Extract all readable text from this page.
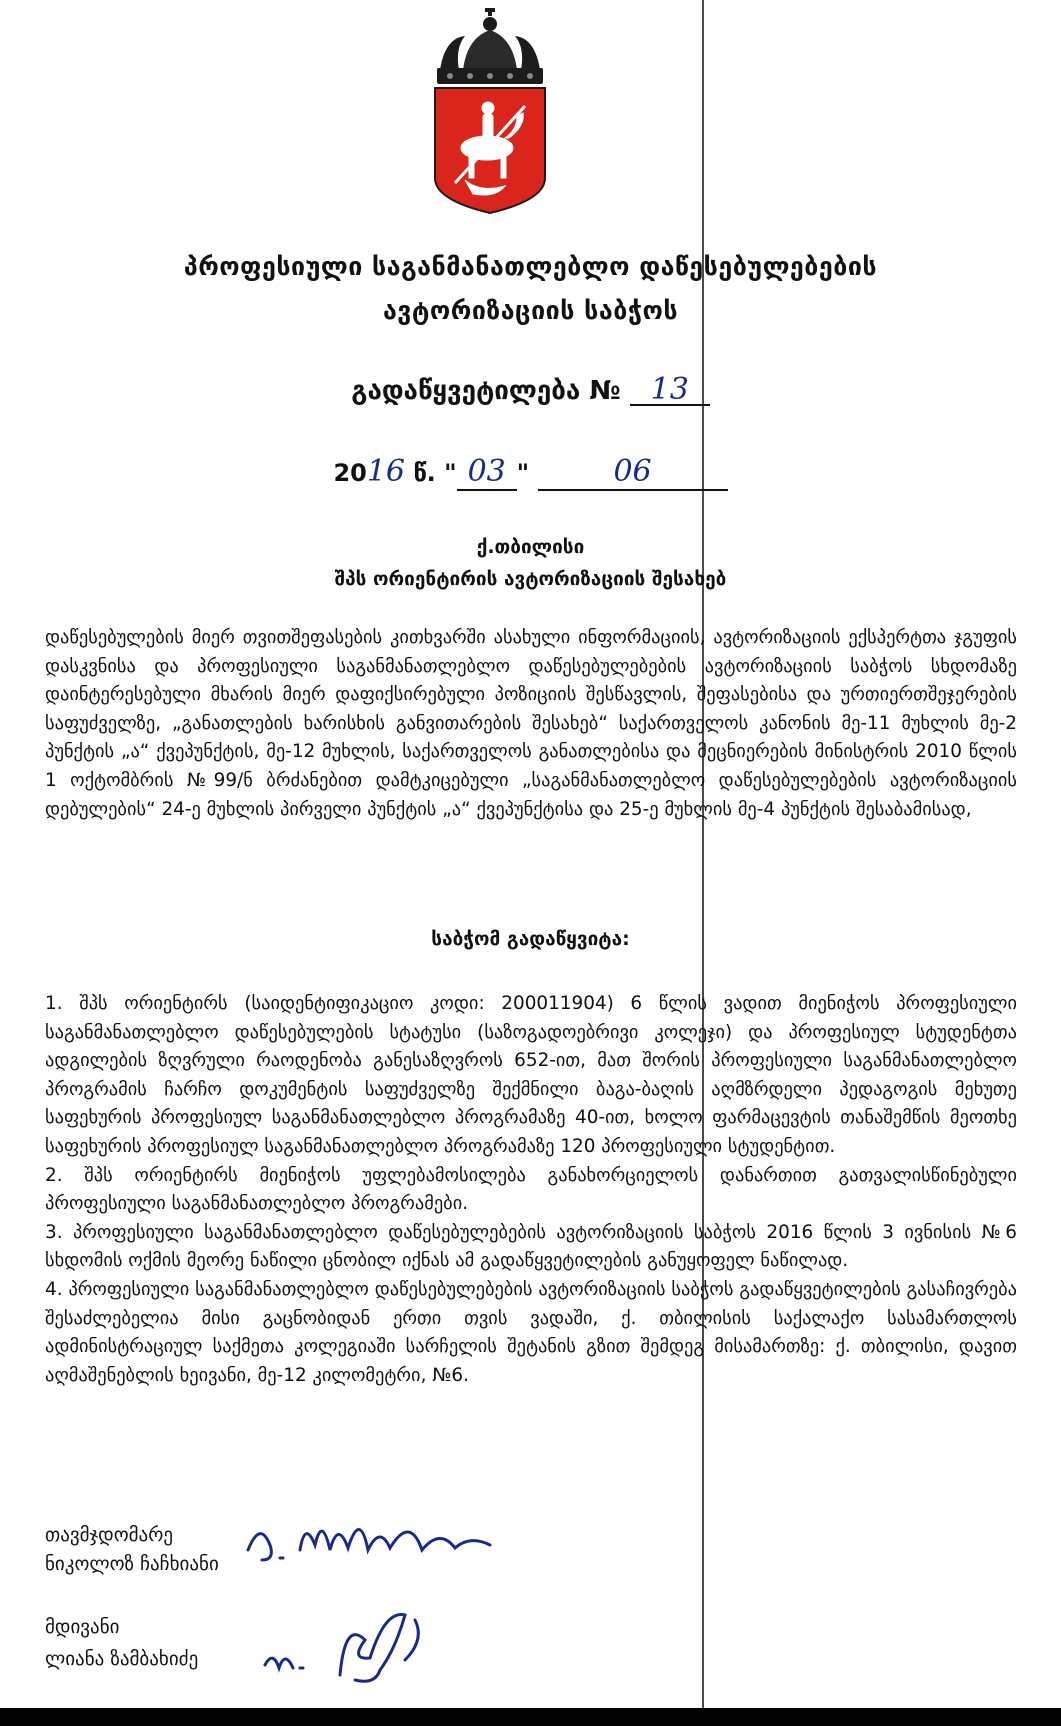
პროფესიული საგანმანათლებლო დაწესებულებების
ავტორიზაციის საბჭოს
გადაწყვეტილება № 13
2016 წ. " 03 "	06
ქ.თბილისი
შპს ორიენტირის ავტორიზაციის შესახებ
დაწესებულების მიერ თვითშეფასების კითხვარში ასახული ინფორმაციის, ავტორიზაციის ექსპერტთა ჯგუფის დასკვნისა და პროფესიული საგანმანათლებლო დაწესებულებების ავტორიზაციის საბჭოს სხდომაზე დაინტერესებული მხარის მიერ დაფიქსირებული პოზიციის შესწავლის, შეფასებისა და ურთიერთშეჯერების საფუძველზე, „განათლების ხარისხის განვითარების შესახებ“ საქართველოს კანონის მე-11 მუხლის მე-2 პუნქტის „ა“ ქვეპუნქტის, მე-12 მუხლის, საქართველოს განათლებისა და მეცნიერების მინისტრის 2010 წლის 1 ოქტომბრის №99/ნ ბრძანებით დამტკიცებული „საგანმანათლებლო დაწესებულებების ავტორიზაციის დებულების“ 24-ე მუხლის პირველი პუნქტის „ა“ ქვეპუნქტისა და 25-ე მუხლის მე-4 პუნქტის შესაბამისად,
საბჭომ გადაწყვიტა:

1. შპს ორიენტირს (საიდენტიფიკაციო კოდი: 200011904) 6 წლის ვადით მიენიჭოს პროფესიული საგანმანათლებლო დაწესებულების სტატუსი (საზოგადოებრივი კოლეჯი) და პროფესიულ სტუდენტთა ადგილების ზღვრული რაოდენობა განესაზღვროს 652-ით, მათ შორის პროფესიული საგანმანათლებლო პროგრამის ჩარჩო დოკუმენტის საფუძველზე შექმნილი ბაგა-ბაღის აღმზრდელი პედაგოგის მეხუთე საფეხურის პროფესიულ საგანმანათლებლო პროგრამაზე 40-ით, ხოლო ფარმაცევტის თანაშემწის მეოთხე საფეხურის პროფესიულ საგანმანათლებლო პროგრამაზე 120 პროფესიული სტუდენტით.

2. შპს ორიენტირს მიენიჭოს უფლებამოსილება განახორციელოს დანართით გათვალისწინებული პროფესიული საგანმანათლებლო პროგრამები.

3. პროფესიული საგანმანათლებლო დაწესებულებების ავტორიზაციის საბჭოს 2016 წლის 3 ივნისის №6 სხდომის ოქმის მეორე ნაწილი ცნობილ იქნას ამ გადაწყვეტილების განუყოფელ ნაწილად.

4. პროფესიული საგანმანათლებლო დაწესებულებების ავტორიზაციის საბჭოს გადაწყვეტილების გასაჩივრება შესაძლებელია მისი გაცნობიდან ერთი თვის ვადაში, ქ. თბილისის საქალაქო სასამართლოს ადმინისტრაციულ საქმეთა კოლეგიაში სარჩელის შეტანის გზით შემდეგ მისამართზე: ქ. თბილისი, დავით აღმაშენებლის ხეივანი, მე-12 კილომეტრი, №6.

თავმჯდომარე
ნიკოლოზ ჩაჩხიანი
მდივანი
ლიანა ზამბახიძე
